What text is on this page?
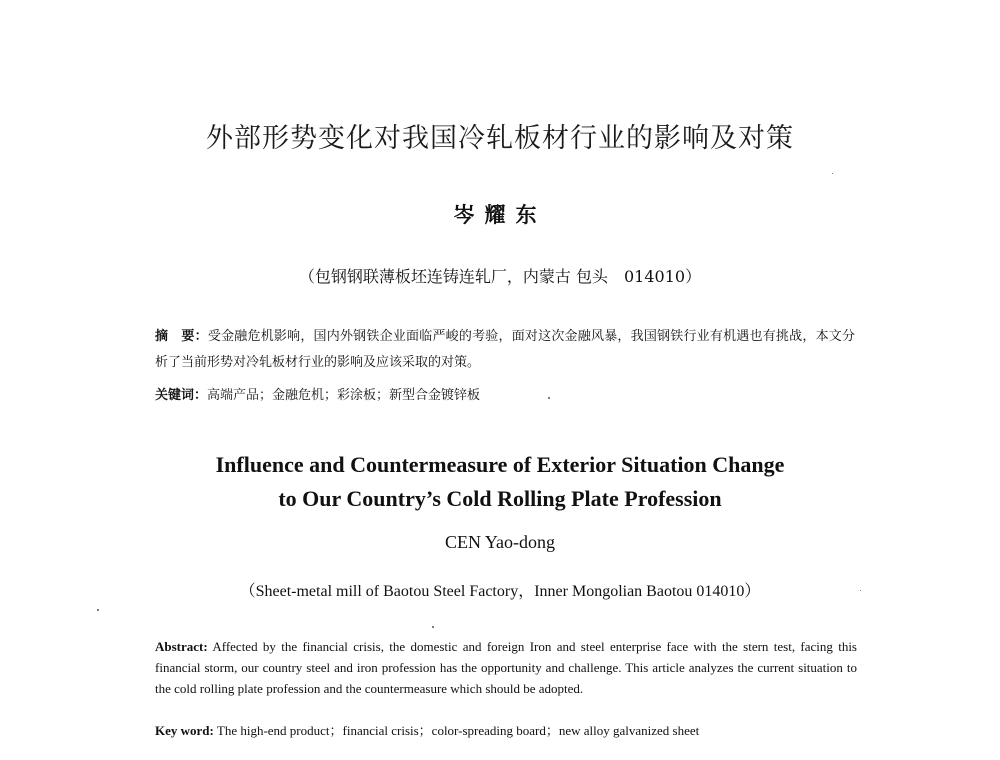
外部形势变化对我国冷轧板材行业的影响及对策
岑耀东
（包钢钢联薄板坯连铸连轧厂，内蒙古 包头　014010）
摘　要：受金融危机影响，国内外钢铁企业面临严峻的考验，面对这次金融风暴，我国钢铁行业有机遇也有挑战，本文分析了当前形势对冷轧板材行业的影响及应该采取的对策。
关键词：高端产品；金融危机；彩涂板；新型合金镀锌板
Influence and Countermeasure of Exterior Situation Change
to Our Country’s Cold Rolling Plate Profession
CEN Yao-dong
（Sheet-metal mill of Baotou Steel Factory，Inner Mongolian Baotou 014010）
Abstract: Affected by the financial crisis, the domestic and foreign Iron and steel enterprise face with the stern test, facing this financial storm, our country steel and iron profession has the opportunity and challenge. This article analyzes the current situation to the cold rolling plate profession and the countermeasure which should be adopted.
Key word: The high-end product；financial crisis；color-spreading board；new alloy galvanized sheet
